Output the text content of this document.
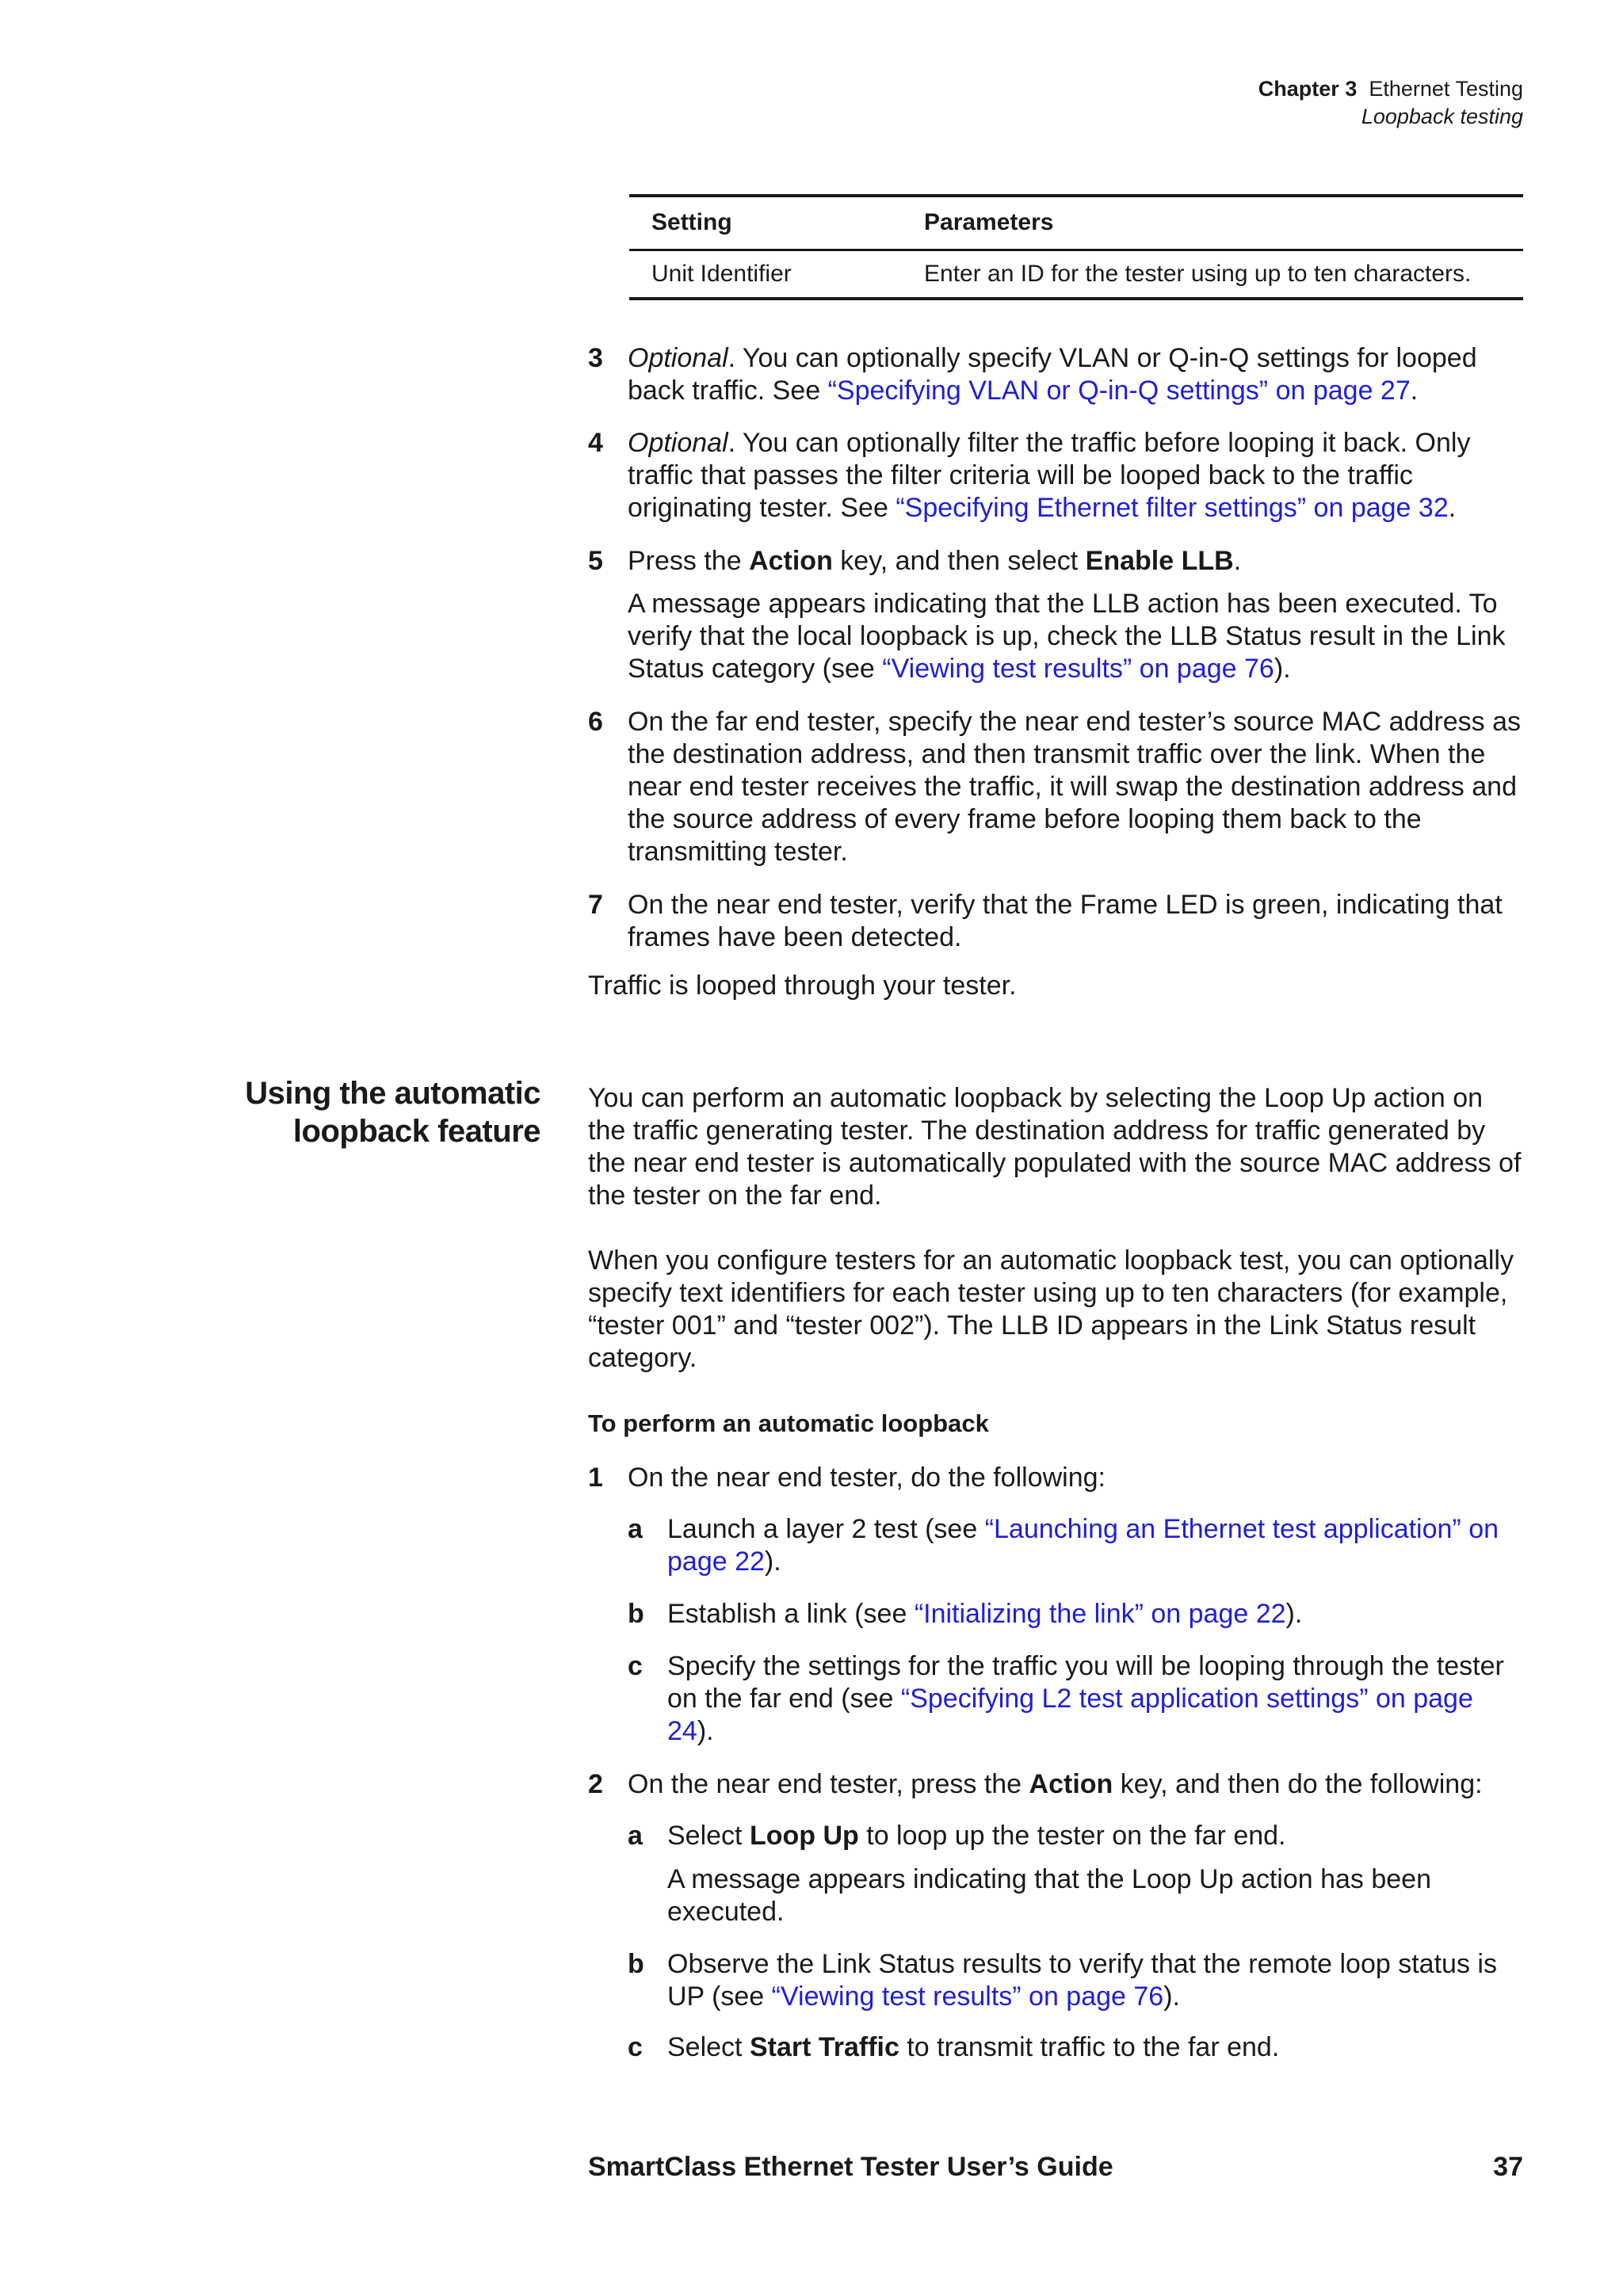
Chapter 3 Ethernet Testing
Loopback testing
Setting	Parameters
Unit Identifier	Enter an ID for the tester using up to ten characters.
3 Optional. You can optionally specify VLAN or Q-in-Q settings for looped back traffic. See “Specifying VLAN or Q-in-Q settings” on page 27.
4 Optional. You can optionally filter the traffic before looping it back. Only traffic that passes the filter criteria will be looped back to the traffic originating tester. See “Specifying Ethernet filter settings” on page 32.
5 Press the Action key, and then select Enable LLB.
A message appears indicating that the LLB action has been executed. To verify that the local loopback is up, check the LLB Status result in the Link Status category (see “Viewing test results” on page 76).
6 On the far end tester, specify the near end tester’s source MAC address as the destination address, and then transmit traffic over the link. When the near end tester receives the traffic, it will swap the destination address and the source address of every frame before looping them back to the transmitting tester.
7 On the near end tester, verify that the Frame LED is green, indicating that frames have been detected.
Traffic is looped through your tester.
Using the automatic
loopback feature
You can perform an automatic loopback by selecting the Loop Up action on the traffic generating tester. The destination address for traffic generated by the near end tester is automatically populated with the source MAC address of the tester on the far end.
When you configure testers for an automatic loopback test, you can optionally specify text identifiers for each tester using up to ten characters (for example, “tester 001” and “tester 002”). The LLB ID appears in the Link Status result category.
To perform an automatic loopback
1 On the near end tester, do the following:
a Launch a layer 2 test (see “Launching an Ethernet test application” on page 22).
b Establish a link (see “Initializing the link” on page 22).
c Specify the settings for the traffic you will be looping through the tester on the far end (see “Specifying L2 test application settings” on page 24).
2 On the near end tester, press the Action key, and then do the following:
a Select Loop Up to loop up the tester on the far end.
A message appears indicating that the Loop Up action has been executed.
b Observe the Link Status results to verify that the remote loop status is UP (see “Viewing test results” on page 76).
c Select Start Traffic to transmit traffic to the far end.
SmartClass Ethernet Tester User’s Guide	37
